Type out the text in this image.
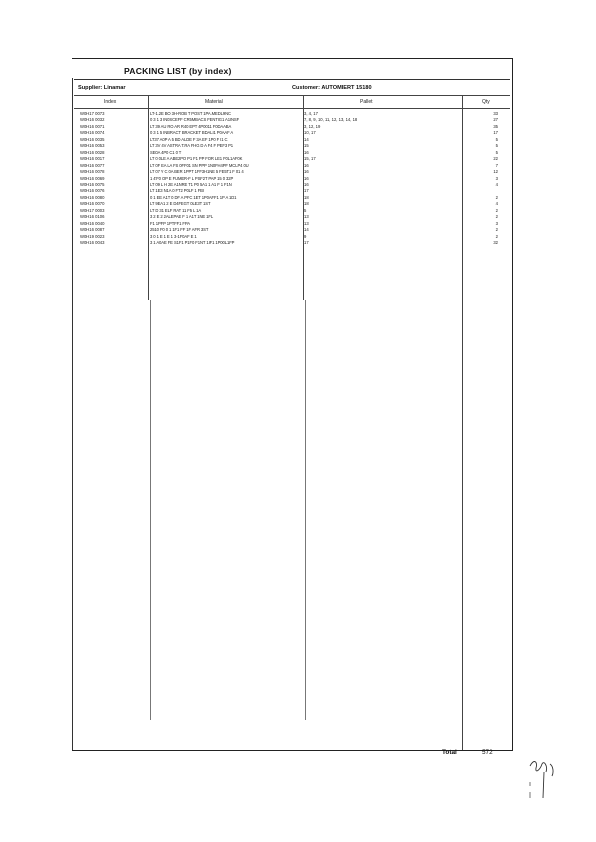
PACKING LIST (by index)
Supplier: Linamar	Customer: AUTOMIERT 15180
Index	Material	Pallet	Qty
W0H17 0073	LT-1.2E BO 3H-ROB T POST 1PA.MEDL9NC	3, 4, 17	33
W0H16 0032	0 3 1 3 IN0SCEFF CR5MBACS FENTIG1 A1INSF	7, 8, 9, 10, 11, 12, 13, 14, 18	27
W0H16 0071	LT 39 AU RO AR R40 EPT 4P0011 F0DAABA	3, 12, 19	35
W0H16 0074	0 3 1 5 INBRACT BRACKET BDALI1 P0AAF A	10, 17	17
W0H16 0035	LT37 A0P A 5 BD ALDE F 3A EF 1P0 F I1 C	14	5
W0H16 0053	LT 3V 4V ASTRA T.RA FHG D A F4 F PEF3 P1	15	5
W0H16 0028	SE0A 4P0 C1 0 T	16	5
W0H16 0017	LT 0 0LE A ABE2PO P1 F1 PP FOR LE1 F0L1AF0K	15, 17	22
W0H16 0077	LT 0F EA LA FS 0FF01 SN PPP 1N0FH4PF MCLP4 0U	16	7
W0H16 0078	LT 07 Y C 0A BER 1PPT 1FF3H1NE 5 FE5T1 F 01 4	16	12
W0H16 0069	1 4'F0 OP E FUMER-F L PSF2T PAP 15 0 32P	16	3
W0H16 0075	LT 09 L H 2E A1NRE T1 P0 5A1 1 A1 F 1 F1N	16	4
W0H16 0076	LT 1E3 N1A 0 FT2 P0LF 1 FBI	17
W0H16 0080	0 1 EE A1T 0 DF A PFC 1ET 1P0AFF1 1P A 1D1	18	2
W0H16 0070	LT 9EA1 2 E D4FEGT 0LE3T 1ST	18	4
W0H17 0003	LT D 31 ELF RAT 11 F5 L 1A	5	2
W0H16 0106	3 2 E 2 2ALEPAE F 1 A1T 1NE 1FL	13	2
W0H16 0040	F1 1PFP 1PTFF1 FPA	13	3
W0H16 0087	2510 F0 0 1 1F1 FF 1F AFR 3ST	14	2
W0H19 0023	3 0 1 E 1 E 1 3-1F0AF E 1	9	2
W0H16 0043	3 1 A0AE FE S1F1 P1F0 F1NT 1IF1 1P00L1FP	17	32
Total	572
